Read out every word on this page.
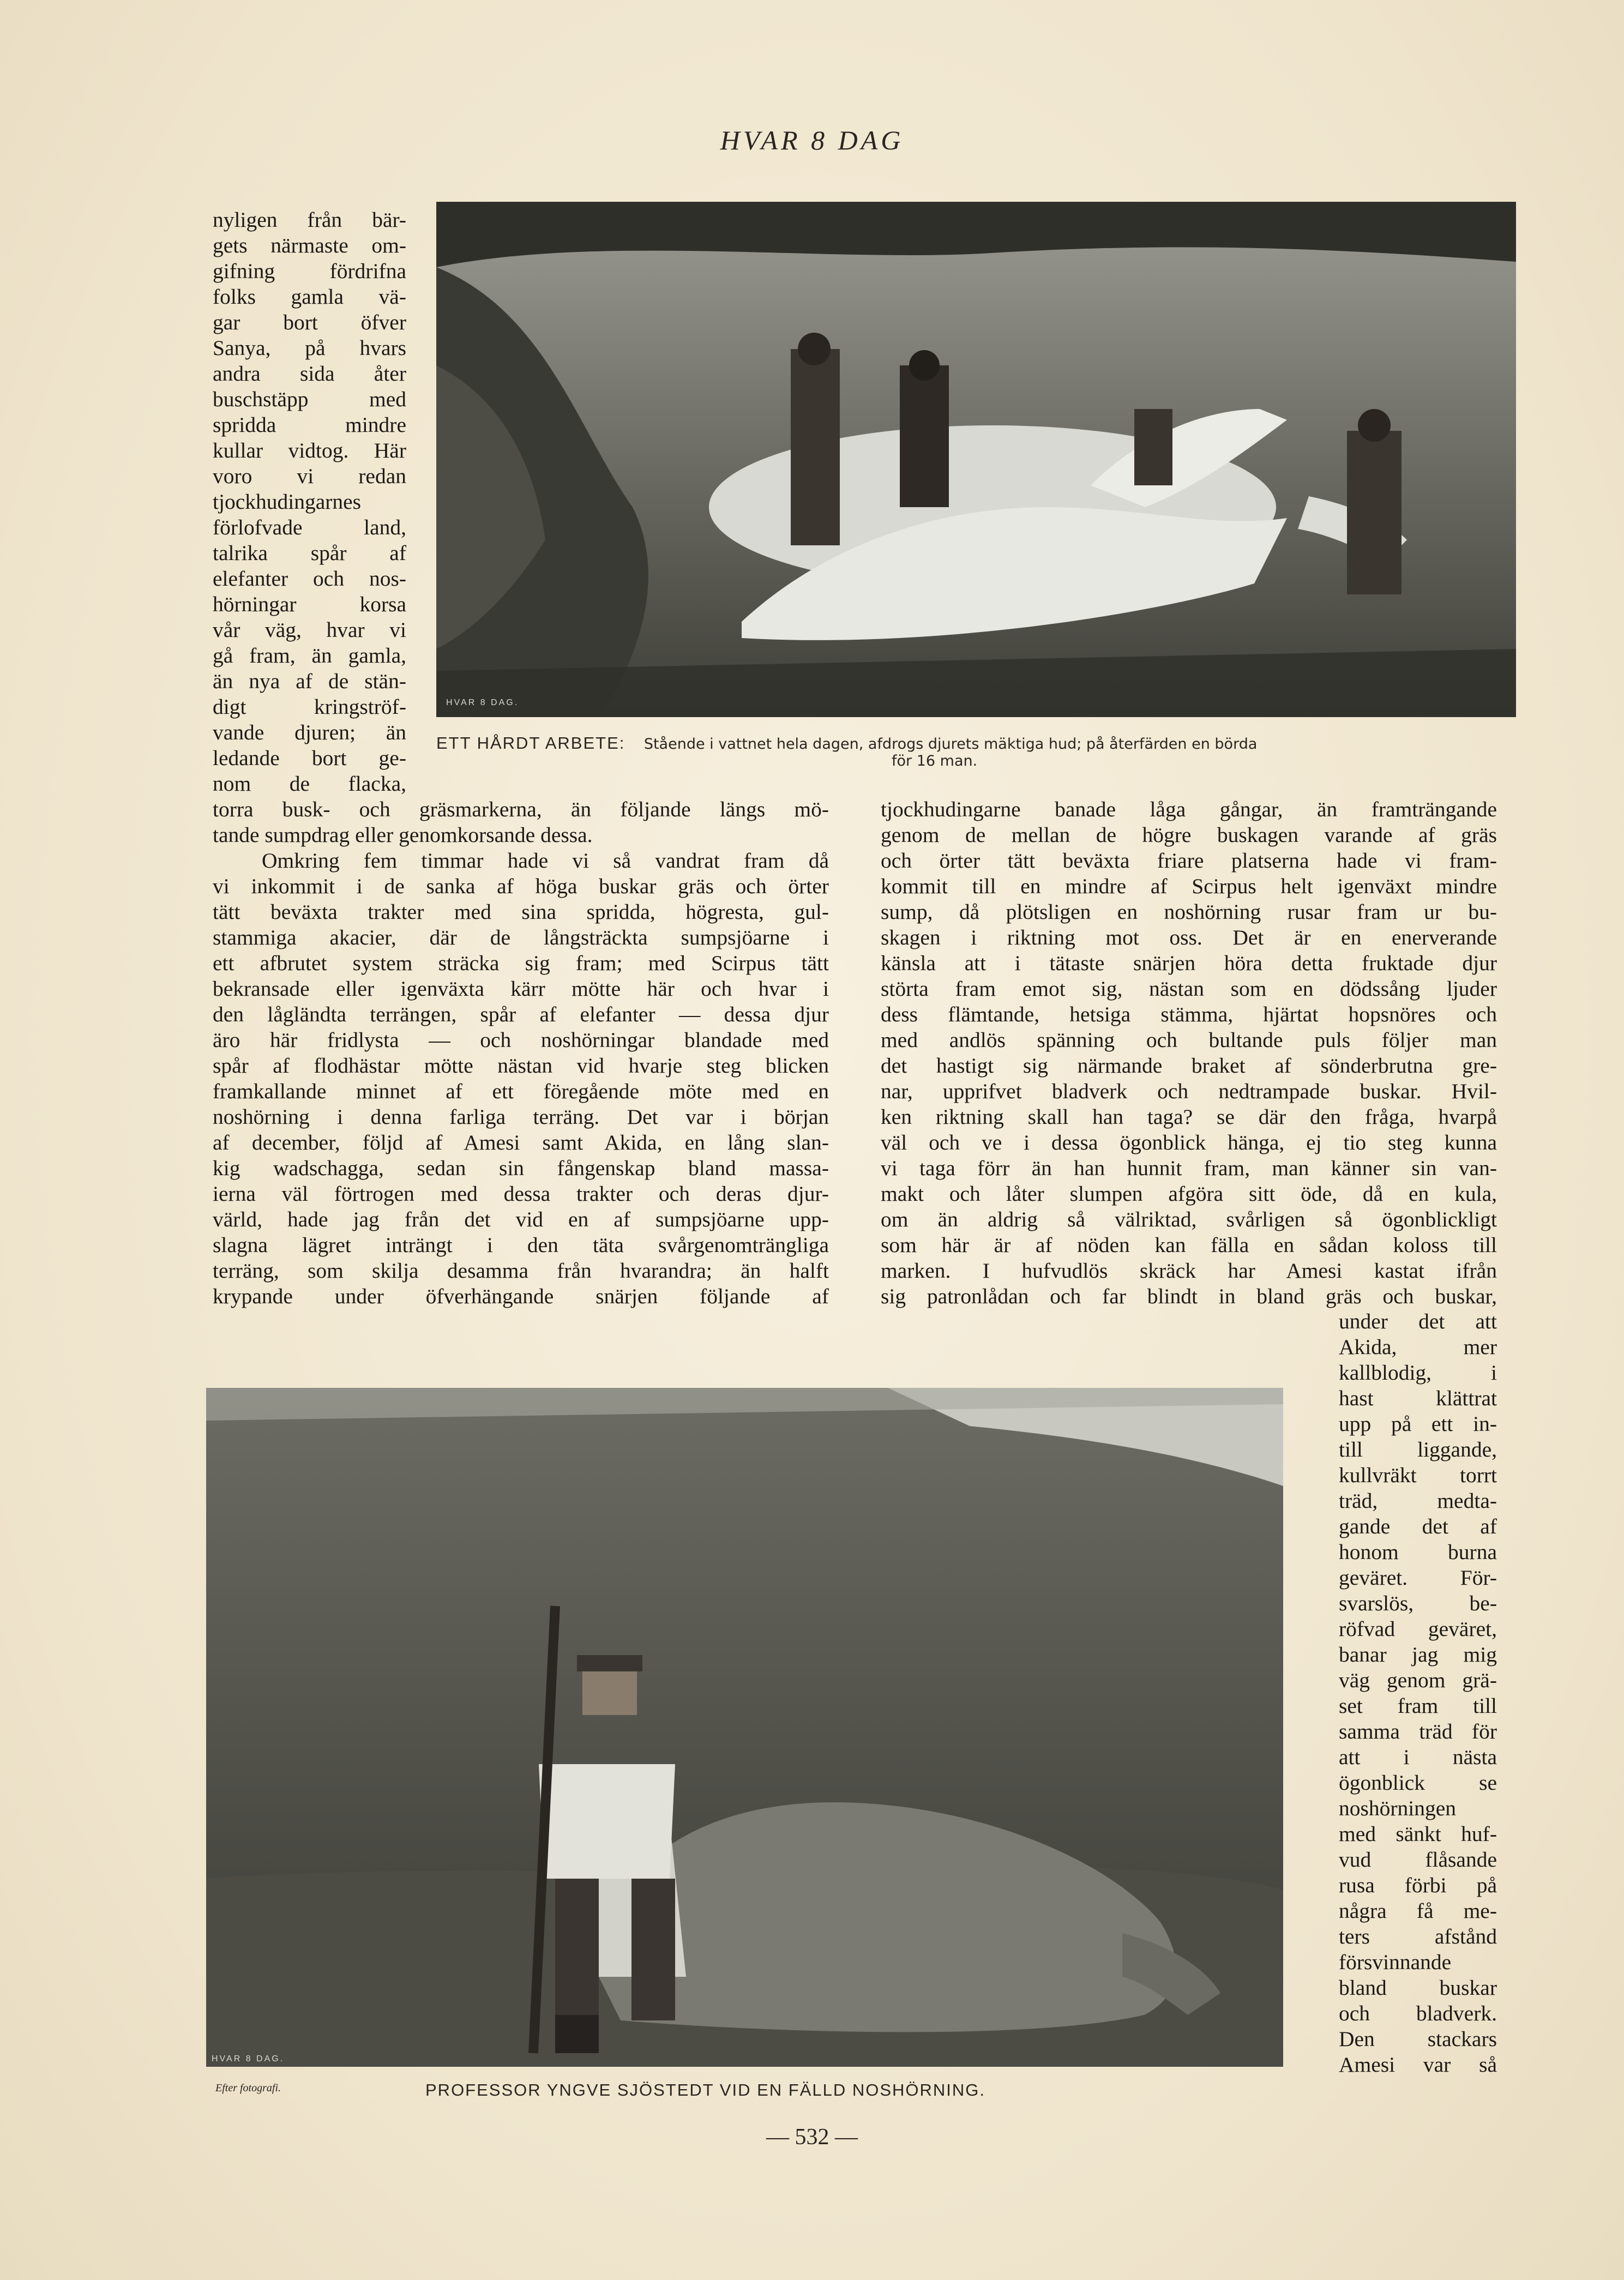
HVAR 8 DAG
HVAR 8 DAG.
ETT HÅRDT ARBETE: Stående i vattnet hela dagen, afdrogs djurets mäktiga hud; på återfärden en börda
för 16 man.
nyligen från bär-
gets närmaste om-
gifning fördrifna
folks gamla vä-
gar bort öfver
Sanya, på hvars
andra sida åter
buschstäpp med
spridda mindre
kullar vidtog. Här
voro vi redan
tjockhudingarnes
förlofvade land,
talrika spår af
elefanter och nos-
hörningar korsa
vår väg, hvar vi
gå fram, än gamla,
än nya af de stän-
digt kringströf-
vande djuren; än
ledande bort ge-
nom de flacka,
torra busk- och gräsmarkerna, än följande längs mö-
tande sumpdrag eller genomkorsande dessa.
Omkring fem timmar hade vi så vandrat fram då
vi inkommit i de sanka af höga buskar gräs och örter
tätt beväxta trakter med sina spridda, högresta, gul-
stammiga akacier, där de långsträckta sumpsjöarne i
ett afbrutet system sträcka sig fram; med Scirpus tätt
bekransade eller igenväxta kärr mötte här och hvar i
den lågländta terrängen, spår af elefanter — dessa djur
äro här fridlysta — och noshörningar blandade med
spår af flodhästar mötte nästan vid hvarje steg blicken
framkallande minnet af ett föregående möte med en
noshörning i denna farliga terräng. Det var i början
af december, följd af Amesi samt Akida, en lång slan-
kig wadschagga, sedan sin fångenskap bland massa-
ierna väl förtrogen med dessa trakter och deras djur-
värld, hade jag från det vid en af sumpsjöarne upp-
slagna lägret inträngt i den täta svårgenomträngliga
terräng, som skilja desamma från hvarandra; än halft
krypande under öfverhängande snärjen följande af
tjockhudingarne banade låga gångar, än framträngande
genom de mellan de högre buskagen varande af gräs
och örter tätt beväxta friare platserna hade vi fram-
kommit till en mindre af Scirpus helt igenväxt mindre
sump, då plötsligen en noshörning rusar fram ur bu-
skagen i riktning mot oss. Det är en enerverande
känsla att i tätaste snärjen höra detta fruktade djur
störta fram emot sig, nästan som en dödssång ljuder
dess flämtande, hetsiga stämma, hjärtat hopsnöres och
med andlös spänning och bultande puls följer man
det hastigt sig närmande braket af sönderbrutna gre-
nar, upprifvet bladverk och nedtrampade buskar. Hvil-
ken riktning skall han taga? se där den fråga, hvarpå
väl och ve i dessa ögonblick hänga, ej tio steg kunna
vi taga förr än han hunnit fram, man känner sin van-
makt och låter slumpen afgöra sitt öde, då en kula,
om än aldrig så välriktad, svårligen så ögonblickligt
som här är af nöden kan fälla en sådan koloss till
marken. I hufvudlös skräck har Amesi kastat ifrån
sig patronlådan och far blindt in bland gräs och buskar,
under det att
Akida, mer
kallblodig, i
hast klättrat
upp på ett in-
till liggande,
kullvräkt torrt
träd, medta-
gande det af
honom burna
geväret. För-
svarslös, be-
röfvad geväret,
banar jag mig
väg genom grä-
set fram till
samma träd för
att i nästa
ögonblick se
noshörningen
med sänkt huf-
vud flåsande
rusa förbi på
några få me-
ters afstånd
försvinnande
bland buskar
och bladverk.
Den stackars
Amesi var så
HVAR 8 DAG.
Efter fotografi.	PROFESSOR YNGVE SJÖSTEDT VID EN FÄLLD NOSHÖRNING.
— 532 —
